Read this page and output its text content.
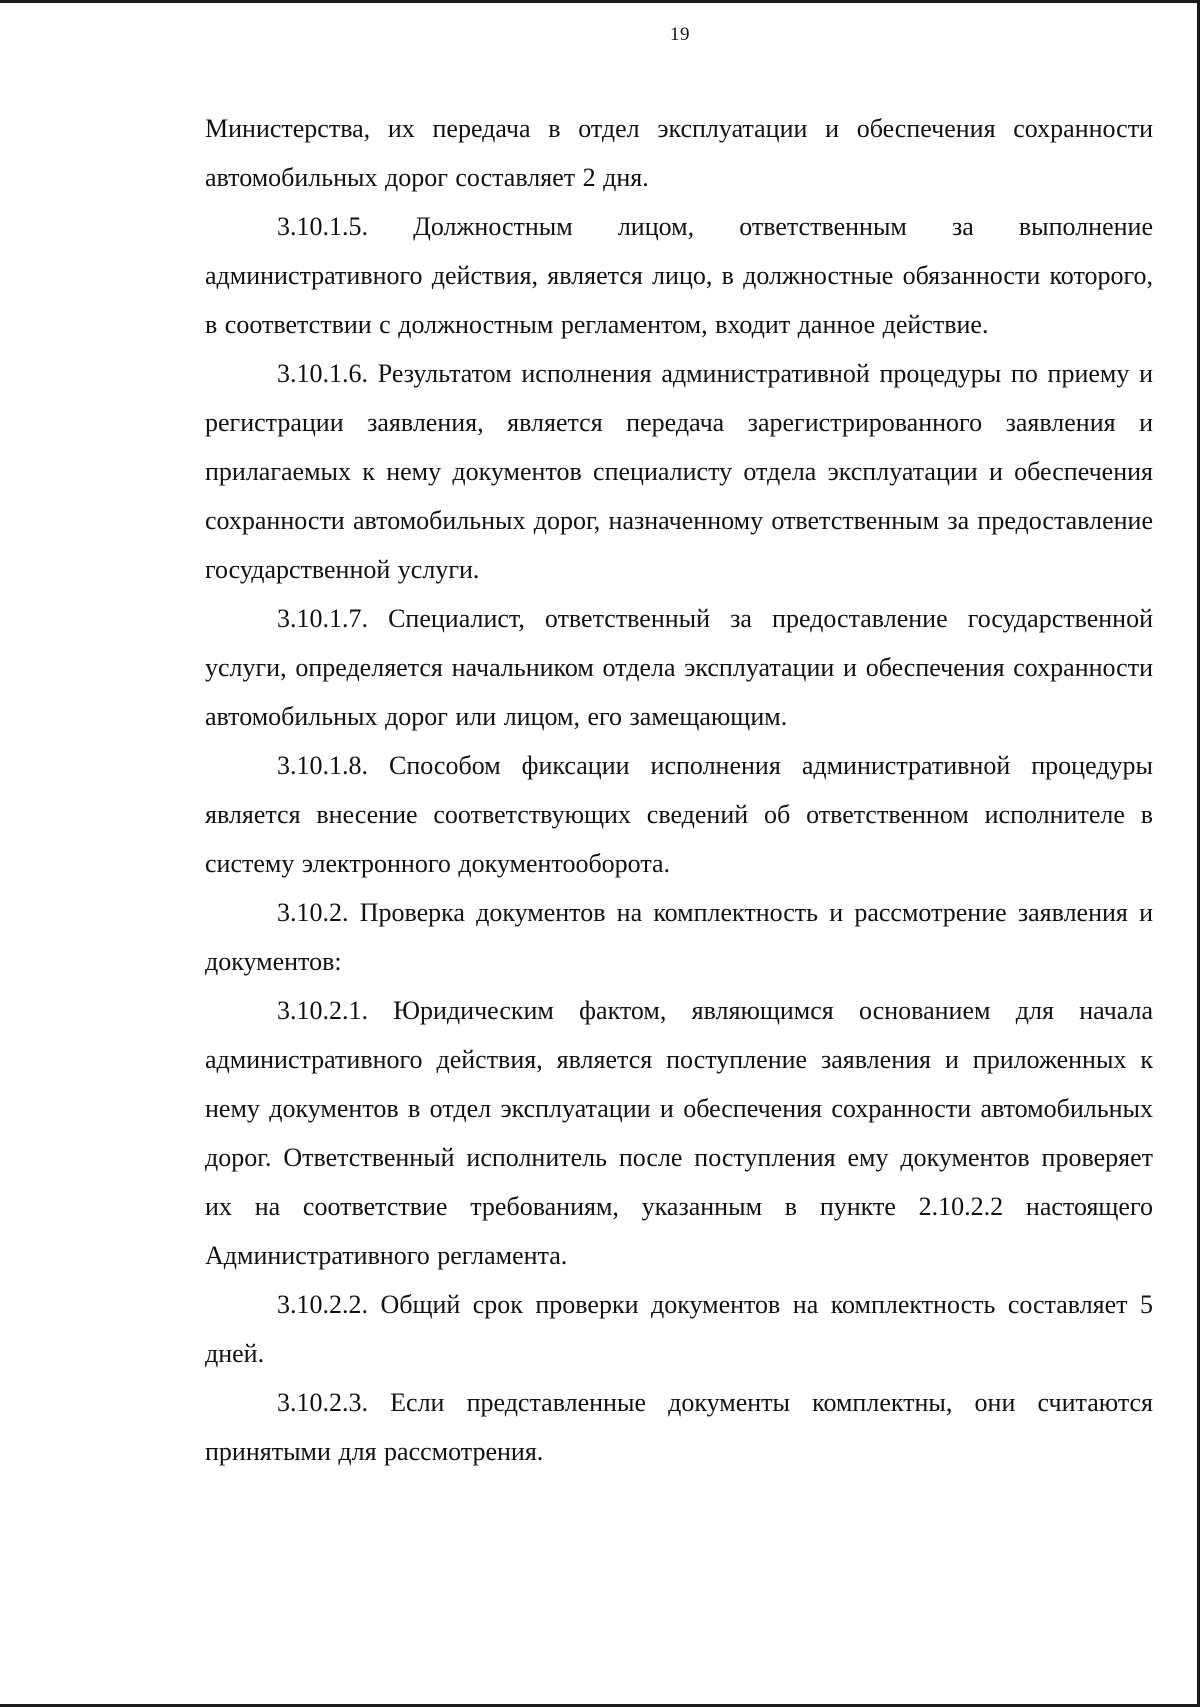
19

Министерства, их передача в отдел эксплуатации и обеспечения сохранности автомобильных дорог составляет 2 дня.

3.10.1.5. Должностным лицом, ответственным за выполнение административного действия, является лицо, в должностные обязанности которого, в соответствии с должностным регламентом, входит данное действие.

3.10.1.6. Результатом исполнения административной процедуры по приему и регистрации заявления, является передача зарегистрированного заявления и прилагаемых к нему документов специалисту отдела эксплуатации и обеспечения сохранности автомобильных дорог, назначенному ответственным за предоставление государственной услуги.

3.10.1.7. Специалист, ответственный за предоставление государственной услуги, определяется начальником отдела эксплуатации и обеспечения сохранности автомобильных дорог или лицом, его замещающим.

3.10.1.8. Способом фиксации исполнения административной процедуры является внесение соответствующих сведений об ответственном исполнителе в систему электронного документооборота.

3.10.2. Проверка документов на комплектность и рассмотрение заявления и документов:

3.10.2.1. Юридическим фактом, являющимся основанием для начала административного действия, является поступление заявления и приложенных к нему документов в отдел эксплуатации и обеспечения сохранности автомобильных дорог. Ответственный исполнитель после поступления ему документов проверяет их на соответствие требованиям, указанным в пункте 2.10.2.2 настоящего Административного регламента.

3.10.2.2. Общий срок проверки документов на комплектность составляет 5 дней.

3.10.2.3. Если представленные документы комплектны, они считаются принятыми для рассмотрения.
